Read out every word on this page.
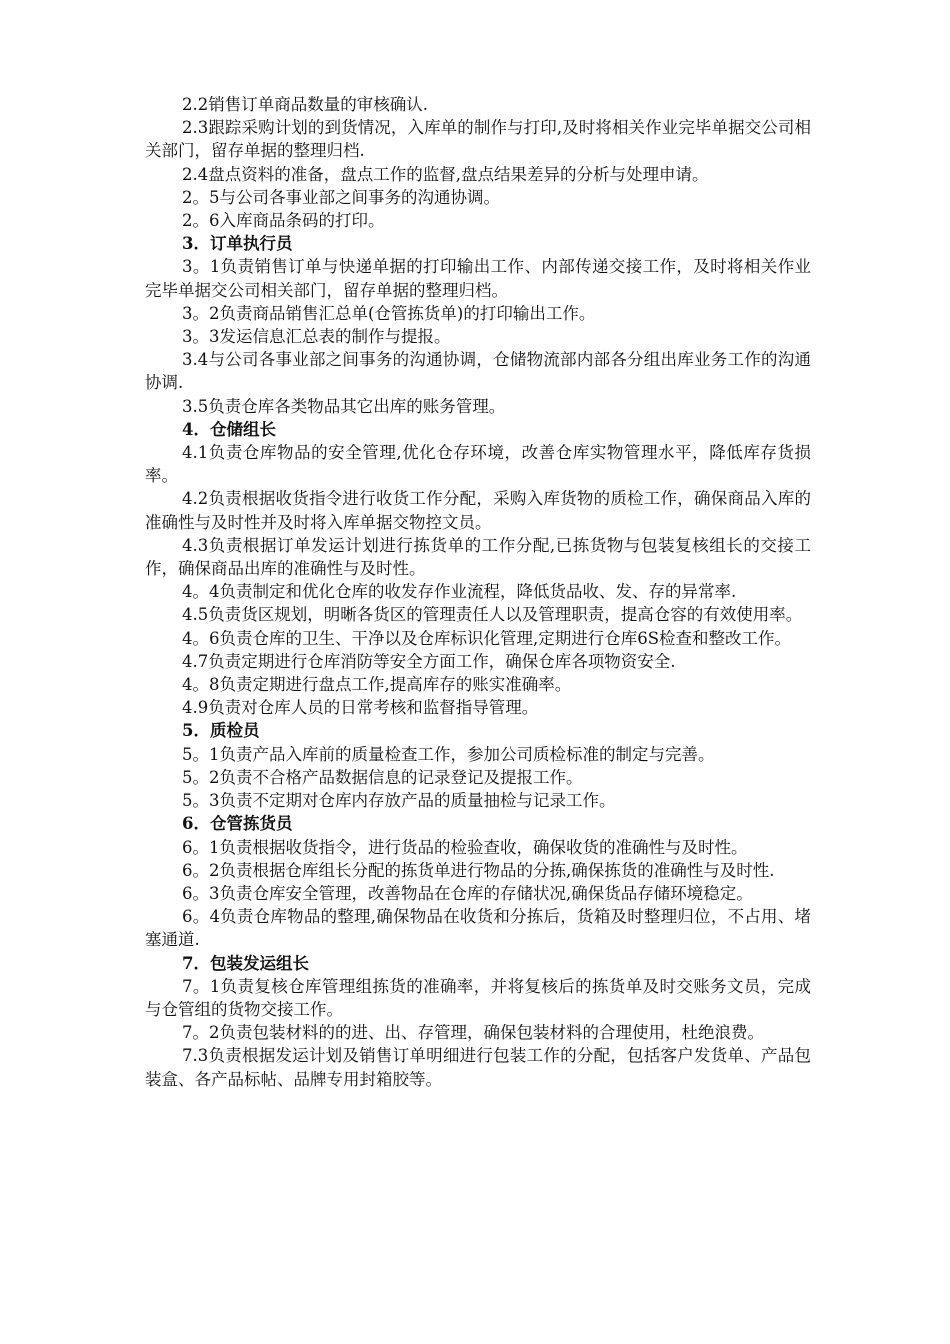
2.2销售订单商品数量的审核确认.

2.3跟踪采购计划的到货情况，入库单的制作与打印,及时将相关作业完毕单据交公司相关部门，留存单据的整理归档.

2.4盘点资料的准备，盘点工作的监督,盘点结果差异的分析与处理申请。

2。5与公司各事业部之间事务的沟通协调。

2。6入库商品条码的打印。

3．订单执行员

3。1负责销售订单与快递单据的打印输出工作、内部传递交接工作，及时将相关作业完毕单据交公司相关部门，留存单据的整理归档。

3。2负责商品销售汇总单(仓管拣货单)的打印输出工作。

3。3发运信息汇总表的制作与提报。

3.4与公司各事业部之间事务的沟通协调，仓储物流部内部各分组出库业务工作的沟通协调.

3.5负责仓库各类物品其它出库的账务管理。

4．仓储组长

4.1负责仓库物品的安全管理,优化仓存环境，改善仓库实物管理水平，降低库存货损率。

4.2负责根据收货指令进行收货工作分配，采购入库货物的质检工作，确保商品入库的准确性与及时性并及时将入库单据交物控文员。

4.3负责根据订单发运计划进行拣货单的工作分配,已拣货物与包装复核组长的交接工作，确保商品出库的准确性与及时性。

4。4负责制定和优化仓库的收发存作业流程，降低货品收、发、存的异常率.

4.5负责货区规划，明晰各货区的管理责任人以及管理职责，提高仓容的有效使用率。

4。6负责仓库的卫生、干净以及仓库标识化管理,定期进行仓库6S检查和整改工作。

4.7负责定期进行仓库消防等安全方面工作，确保仓库各项物资安全.

4。8负责定期进行盘点工作,提高库存的账实准确率。

4.9负责对仓库人员的日常考核和监督指导管理。

5．质检员

5。1负责产品入库前的质量检查工作，参加公司质检标准的制定与完善。

5。2负责不合格产品数据信息的记录登记及提报工作。

5。3负责不定期对仓库内存放产品的质量抽检与记录工作。

6．仓管拣货员

6。1负责根据收货指令，进行货品的检验查收，确保收货的准确性与及时性。

6。2负责根据仓库组长分配的拣货单进行物品的分拣,确保拣货的准确性与及时性.

6。3负责仓库安全管理，改善物品在仓库的存储状况,确保货品存储环境稳定。

6。4负责仓库物品的整理,确保物品在收货和分拣后，货箱及时整理归位，不占用、堵塞通道.

7．包装发运组长

7。1负责复核仓库管理组拣货的准确率，并将复核后的拣货单及时交账务文员，完成与仓管组的货物交接工作。

7。2负责包装材料的的进、出、存管理，确保包装材料的合理使用，杜绝浪费。

7.3负责根据发运计划及销售订单明细进行包装工作的分配，包括客户发货单、产品包装盒、各产品标帖、品牌专用封箱胶等。
